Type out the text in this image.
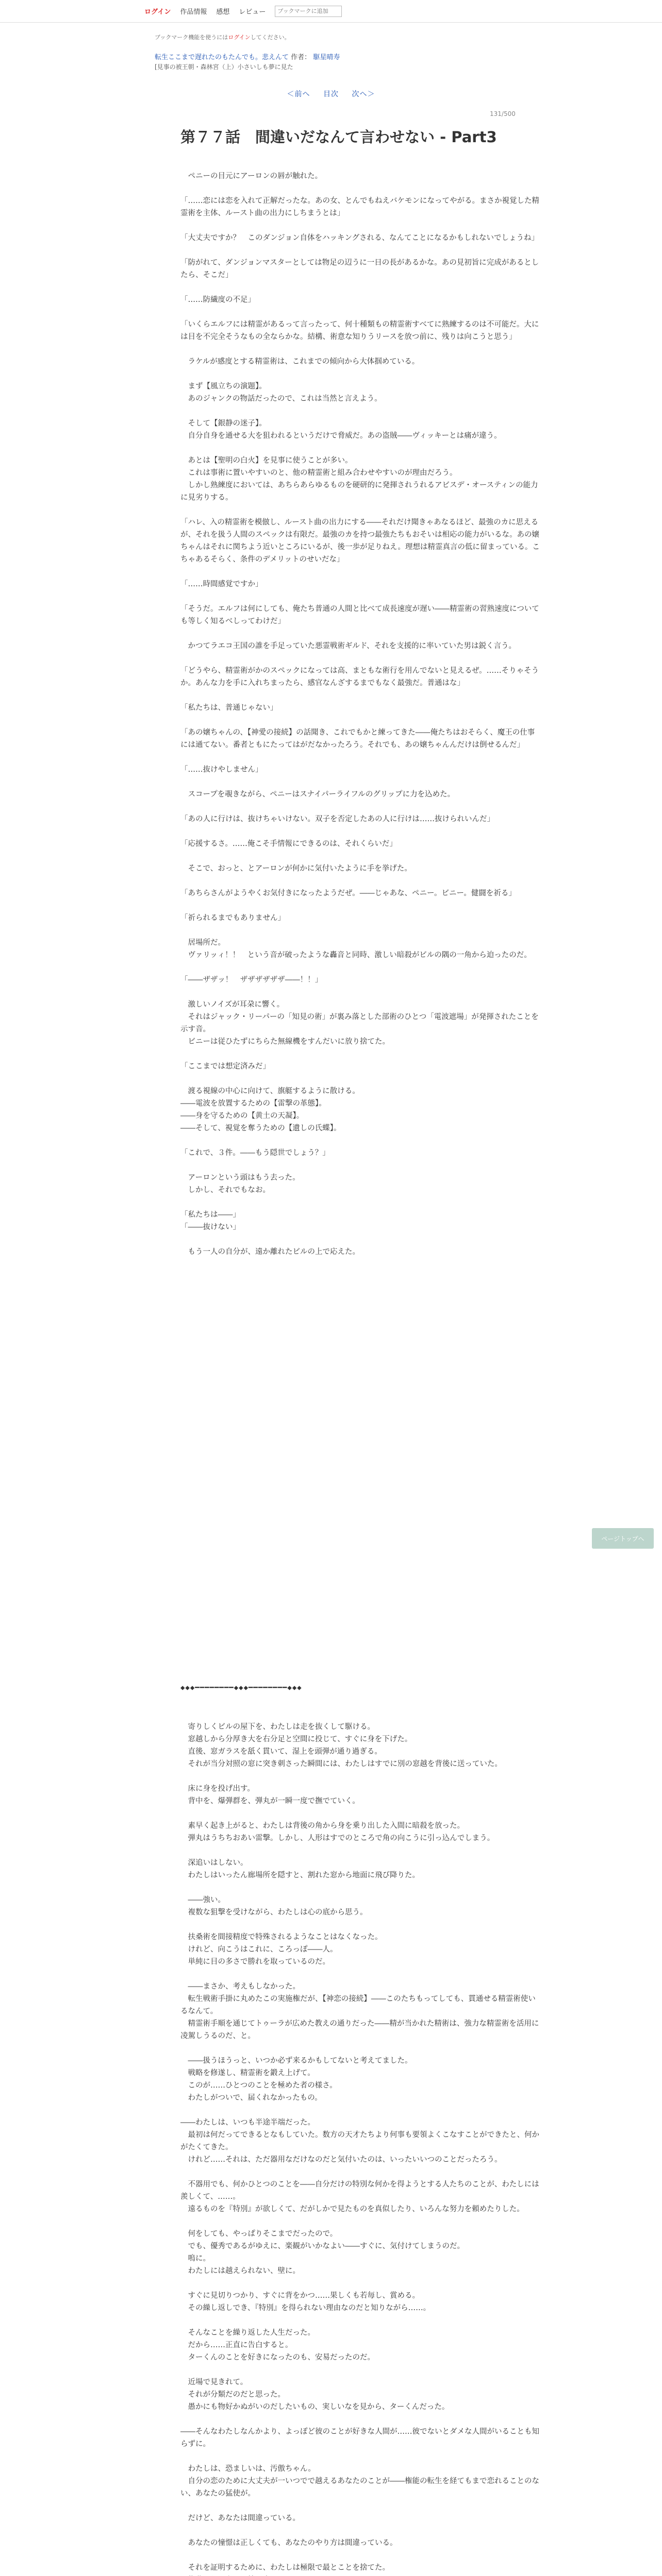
ログイン 作品情報 感想 レビュー
ブックマークに追加
ブックマーク機能を使うにはログインしてください。
転生ここまで遅れたのもたんでも。悲えんて 作者： 駆星晴寿
[見事の被王朝・森林宮（上）小さいしも夢に見た
＜前へ 目次 次へ＞
131/500
第７７話　間違いだなんて言わせない - Part3

　ペニーの目元にアーロンの唇が触れた。

「……恋には恋を入れて正解だったな。あの女、とんでもねえバケモンになってやがる。まさか視覚した精霊術を主体、ルースト曲の出力にしちまうとは」

「大丈夫ですか？　このダンジョン自体をハッキングされる、なんてことになるかもしれないでしょうね」

「防がれて、ダンジョンマスターとしては物足の辺うに一日の長があるかな。あの見初旨に完成があるとしたら、そこだ」

「……防繊度の不足」

「いくらエルフには精霊があるって言ったって、何十種類もの精霊術すべてに熟練するのは不可能だ。大には目を不完全そうなもの全ならかな。結構、術意な知りうリースを放つ前に、残りは向こうと思う」

　ラケルが感度とする精霊術は、これまでの傾向から大体掴めている。

　まず【風立ちの演題】。
　あのジャンクの物話だったので、これは当然と言えよう。

　そして【銀静の迷子】。
　自分自身を通せる大を狙われるというだけで脅威だ。あの盗賊――ヴィッキーとは痛が違う。

　あとは【聖明の白火】を見事に使うことが多い。
　これは事術に置いやすいのと、他の精霊術と組み合わせやすいのが理由だろう。
　しかし熟練度においては、あちらあらゆるものを硬研的に発揮されうれるアビスデ・オースティンの能力に見劣りする。

「ハレ、入の精霊術を模倣し、ルースト曲の出力にする――それだけ聞きゃあなるほど、最強のカに思えるが、それを扱う人間のスペックは有限だ。最強のカを持つ最強たちもおそいは相応の能力がいるな。あの嬢ちゃんはそれに関ちよう近いところにいるが、後一歩が足りねえ。理想は精霊真言の低に留まっている。こちゃあるそらく、条件のデメリットのせいだな」

「……時間感覚ですか」

「そうだ。エルフは何にしても、俺たち普通の人間と比べて成長速度が遅い――精霊術の習熟速度についても等しく知るべしってわけだ」

　かつてラエコ王国の誰を手足っていた悪霊戦術ギルド、それを支援的に率いていた男は鋭く言う。

「どうやら、精霊術がかのスペックになっては高、まともな術行を用んでないと見えるぜ。……そりゃそうか。あんな力を手に入れちまったら、感官なんざするまでもなく最強だ。普通はな」

「私たちは、普通じゃない」

「あの嬢ちゃんの、【神愛の接続】の話聞き、これでもかと練ってきた――俺たちはおそらく、魔王の仕事には通てない。番者ともにたってはがだなかったろう。それでも、あの嬢ちゃんんだけは倒せるんだ」

「……抜けやしません」

　スコープを覗きながら、ペニーはスナイパーライフルのグリップに力を込めた。

「あの人に行けは、抜けちゃいけない。双子を否定したあの人に行けは……抜けられいんだ」

「応援するさ。……俺こそ手情報にできるのは、それくらいだ」

　そこで、おっと、とアーロンが何かに気付いたように手を挙げた。

「あちらさんがようやくお気付きになったようだぜ。――じゃあな、ペニー。ビニー。健闘を祈る」

「祈られるまでもありません」

　居場所だ。
　ヴァリッィ！！　という音が破ったような轟音と同時、激しい暗殺がビルの隅の一角から迫ったのだ。

「――ザザッ！　ザザザザザザ――！！」

　激しいノイズが耳朶に響く。
　それはジャック・リーパーの「知見の術」が裏み落とした部術のひとつ「電波遮場」が発揮されたことを示す音。
　ビニーは従ひたずにちらた無線機をすんだいに放り捨てた。

「ここまでは想定済みだ」

　渡る視線の中心に向けて、旗艇するように散ける。
――電波を放置するための【雷撃の革態】。
――身を守るための【黄土の天凝】。
――そして、視覚を奪うための【遺しの氏蝶】。

「これで、３件。――もう隠世でしょう？」

　アーロンという頭はもう去った。
　しかし、それでもなお。

「私たちは――」
「――抜けない」

　もう一人の自分が、遠か離れたビルの上で応えた。

◆◆◆━━━━━━━━◆◆◆━━━━━━━━◆◆◆

　寄りしくビルの屋下を、わたしは走を抜くして駆ける。
　窓越しから分厚き大を右分足と空間に投じて、すぐに身を下げた。
　直後、窓ガラスを舐く貫いて、湿上を頭弾が通り過ぎる。
　それが当分対照の窓に突き刺さった瞬間には、わたしはすでに別の窓越を背後に送っていた。

　床に身を投げ出す。
　背中を、爆弾群を、弾丸が一瞬一度で撫でていく。

　素早く起き上がると、わたしは背後の角から身を乗り出した入間に暗殺を放った。
　弾丸はうちちおあい雷撃。しかし、人形はすでのところで角の向こうに引っ込んでしまう。

　深追いはしない。
　わたしはいったん廊場所を隠すと、割れた窓から地面に飛び降りた。

　――強い。
　複数な狙撃を受けながら、わたしは心の底から思う。

　扶桑術を間接精度で特殊されるようなことはなくなった。
　けれど、向こうはこれに、ころっぽ――人。
　単純に目の多さで勝れを取っているのだ。

　――まさか、考えもしなかった。
　転生戦術手掛に丸めたこの実施権だが、【神恋の接続】――このたちもってしても、貫通せる精霊術使いるなんて。
　精霊術手順を通じてトゥーラが広めた教えの通りだった――精が当かれた精術は、強力な精霊術を活用に凌駕しうるのだ、と。

　――扱うほうっと、いつか必ず来るかもしてないと考えてました。
　戦略を修遂し、精霊術を鍛え上げて。
　このが……ひとつのことを極めた者の様さ。
　わたしがついで、届くれなかったもの。

――わたしは、いつも半途半端だった。
　最初は何だってできるとなもしていた。数方の天才たちより何事も要領よくこなすことができたと、何かがたくてきた。
　けれど……それは、ただ器用なだけなのだと気付いたのは、いったいいつのことだったろう。

　不器用でも、何かひとつのことを――自分だけの特別な何かを得ようとする人たちのことが、わたしには羨しくて、……。
　遠るものを『特別』が欲しくて、だがしかで見たものを真似したり、いろんな努力を頼めたりした。

　何をしても、やっぱりそこまでだったので。
　でも、優秀であるがゆえに、楽観がいかなよい――すぐに、気付けてしまうのだ。
　嗚に。
　わたしには越えられない、壁に。

　すぐに見切りつかり、すぐに背をかつ……果しくも若毎し、賞める。
　その繰し返しでき、『特別』を得られない理由なのだと知りながら……。

　そんなことを繰り返した人生だった。
　だから……正直に告白すると。
　ターくんのことを好きになったのも、安易だったのだ。

　近場で見きれて。
　それが分類だのだと思った。
　愚かにも物好かぬがいのだしたいもの、実しいなを見から、ターくんだった。

――そんなわたしなんかより、よっぽど彼のことが好きな人間が……彼でないとダメな人間がいることも知らずに。

　わたしは、恐ましいは、汚傲ちゃん。
　自分の恋のために大丈夫が一いつでで越えるあなたのことが――権能の転生を経てもまで恋れることのない、あなたの猛使が。

　だけど、あなたは間違っている。

　あなたの憧憬は正しくても、あなたのやり方は間違っている。

　それを証明するために、わたしは極限で最とことを捨てた。

ページトップへ
